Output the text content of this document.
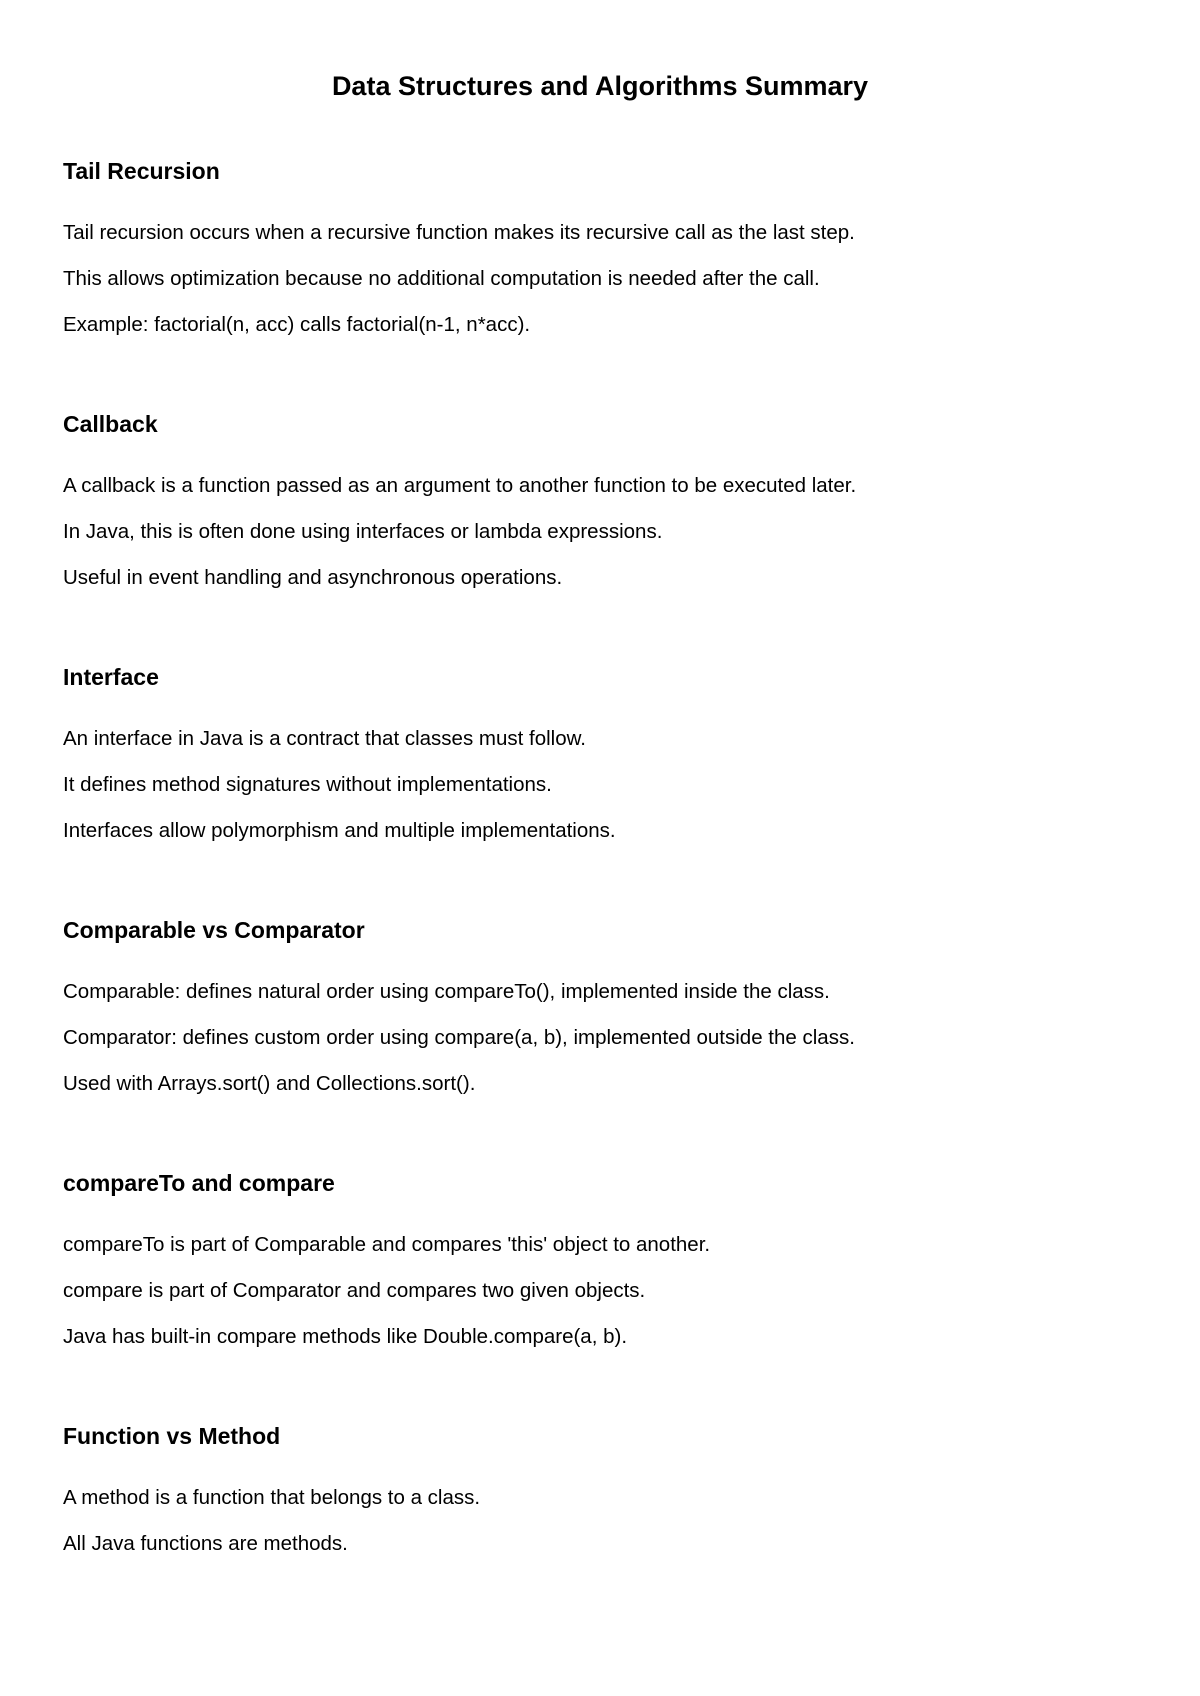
Data Structures and Algorithms Summary
Tail Recursion
Tail recursion occurs when a recursive function makes its recursive call as the last step.
This allows optimization because no additional computation is needed after the call.
Example: factorial(n, acc) calls factorial(n-1, n*acc).
Callback
A callback is a function passed as an argument to another function to be executed later.
In Java, this is often done using interfaces or lambda expressions.
Useful in event handling and asynchronous operations.
Interface
An interface in Java is a contract that classes must follow.
It defines method signatures without implementations.
Interfaces allow polymorphism and multiple implementations.
Comparable vs Comparator
Comparable: defines natural order using compareTo(), implemented inside the class.
Comparator: defines custom order using compare(a, b), implemented outside the class.
Used with Arrays.sort() and Collections.sort().
compareTo and compare
compareTo is part of Comparable and compares 'this' object to another.
compare is part of Comparator and compares two given objects.
Java has built-in compare methods like Double.compare(a, b).
Function vs Method
A method is a function that belongs to a class.
All Java functions are methods.
